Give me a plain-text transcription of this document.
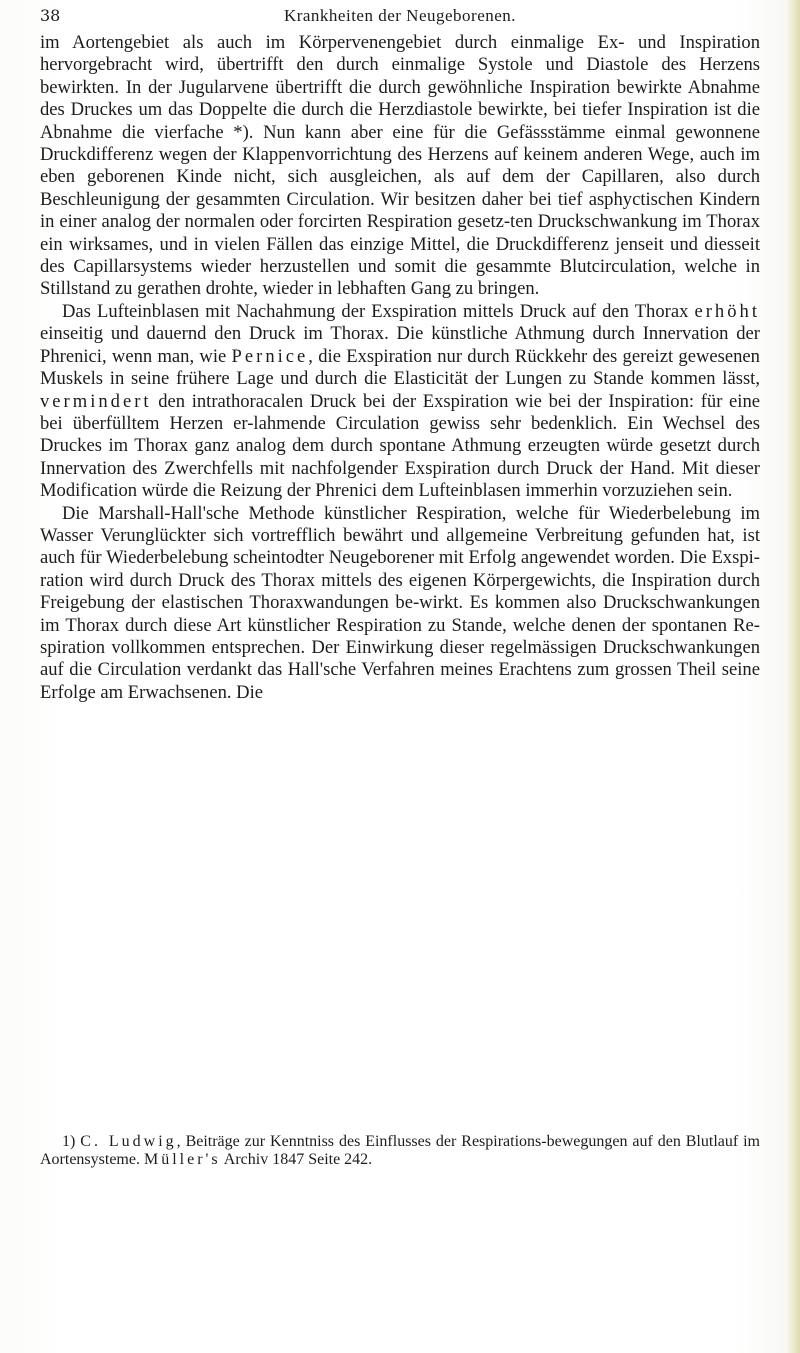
38	Krankheiten der Neugeborenen.

im Aortengebiet als auch im Körpervenengebiet durch einmalige Ex- und Inspiration hervorgebracht wird, übertrifft den durch einmalige Systole und Diastole des Herzens bewirkten. In der Jugularvene übertrifft die durch gewöhnliche Inspiration bewirkte Abnahme des Druckes um das Doppelte die durch die Herzdiastole bewirkte, bei tiefer Inspiration ist die Abnahme die vierfache *). Nun kann aber eine für die Gefässstämme einmal gewonnene Druckdifferenz wegen der Klappenvorrichtung des Herzens auf keinem anderen Wege, auch im eben geborenen Kinde nicht, sich ausgleichen, als auf dem der Capillaren, also durch Beschleunigung der gesammten Circulation. Wir besitzen daher bei tief asphyctischen Kindern in einer analog der normalen oder forcirten Respiration gesetz-ten Druckschwankung im Thorax ein wirksames, und in vielen Fällen das einzige Mittel, die Druckdifferenz jenseit und diesseit des Capillarsystems wieder herzustellen und somit die gesammte Blutcirculation, welche in Stillstand zu gerathen drohte, wieder in lebhaften Gang zu bringen.

Das Lufteinblasen mit Nachahmung der Exspiration mittels Druck auf den Thorax erhöht einseitig und dauernd den Druck im Thorax. Die künstliche Athmung durch Innervation der Phrenici, wenn man, wie Pernice, die Exspiration nur durch Rückkehr des gereizt gewesenen Muskels in seine frühere Lage und durch die Elasticität der Lungen zu Stande kommen lässt, vermindert den intrathoracalen Druck bei der Exspiration wie bei der Inspiration: für eine bei überfülltem Herzen er-lahmende Circulation gewiss sehr bedenklich. Ein Wechsel des Druckes im Thorax ganz analog dem durch spontane Athmung erzeugten würde gesetzt durch Innervation des Zwerchfells mit nachfolgender Exspiration durch Druck der Hand. Mit dieser Modification würde die Reizung der Phrenici dem Lufteinblasen immerhin vorzuziehen sein.

Die Marshall-Hall'sche Methode künstlicher Respiration, welche für Wiederbelebung im Wasser Verunglückter sich vortrefflich bewährt und allgemeine Verbreitung gefunden hat, ist auch für Wiederbelebung scheintodter Neugeborener mit Erfolg angewendet worden. Die Exspi-ration wird durch Druck des Thorax mittels des eigenen Körpergewichts, die Inspiration durch Freigebung der elastischen Thoraxwandungen be-wirkt. Es kommen also Druckschwankungen im Thorax durch diese Art künstlicher Respiration zu Stande, welche denen der spontanen Re-spiration vollkommen entsprechen. Der Einwirkung dieser regelmässigen Druckschwankungen auf die Circulation verdankt das Hall'sche Verfahren meines Erachtens zum grossen Theil seine Erfolge am Erwachsenen. Die

1) C. Ludwig, Beiträge zur Kenntniss des Einflusses der Respirations-bewegungen auf den Blutlauf im Aortensysteme. Müller's Archiv 1847 Seite 242.
